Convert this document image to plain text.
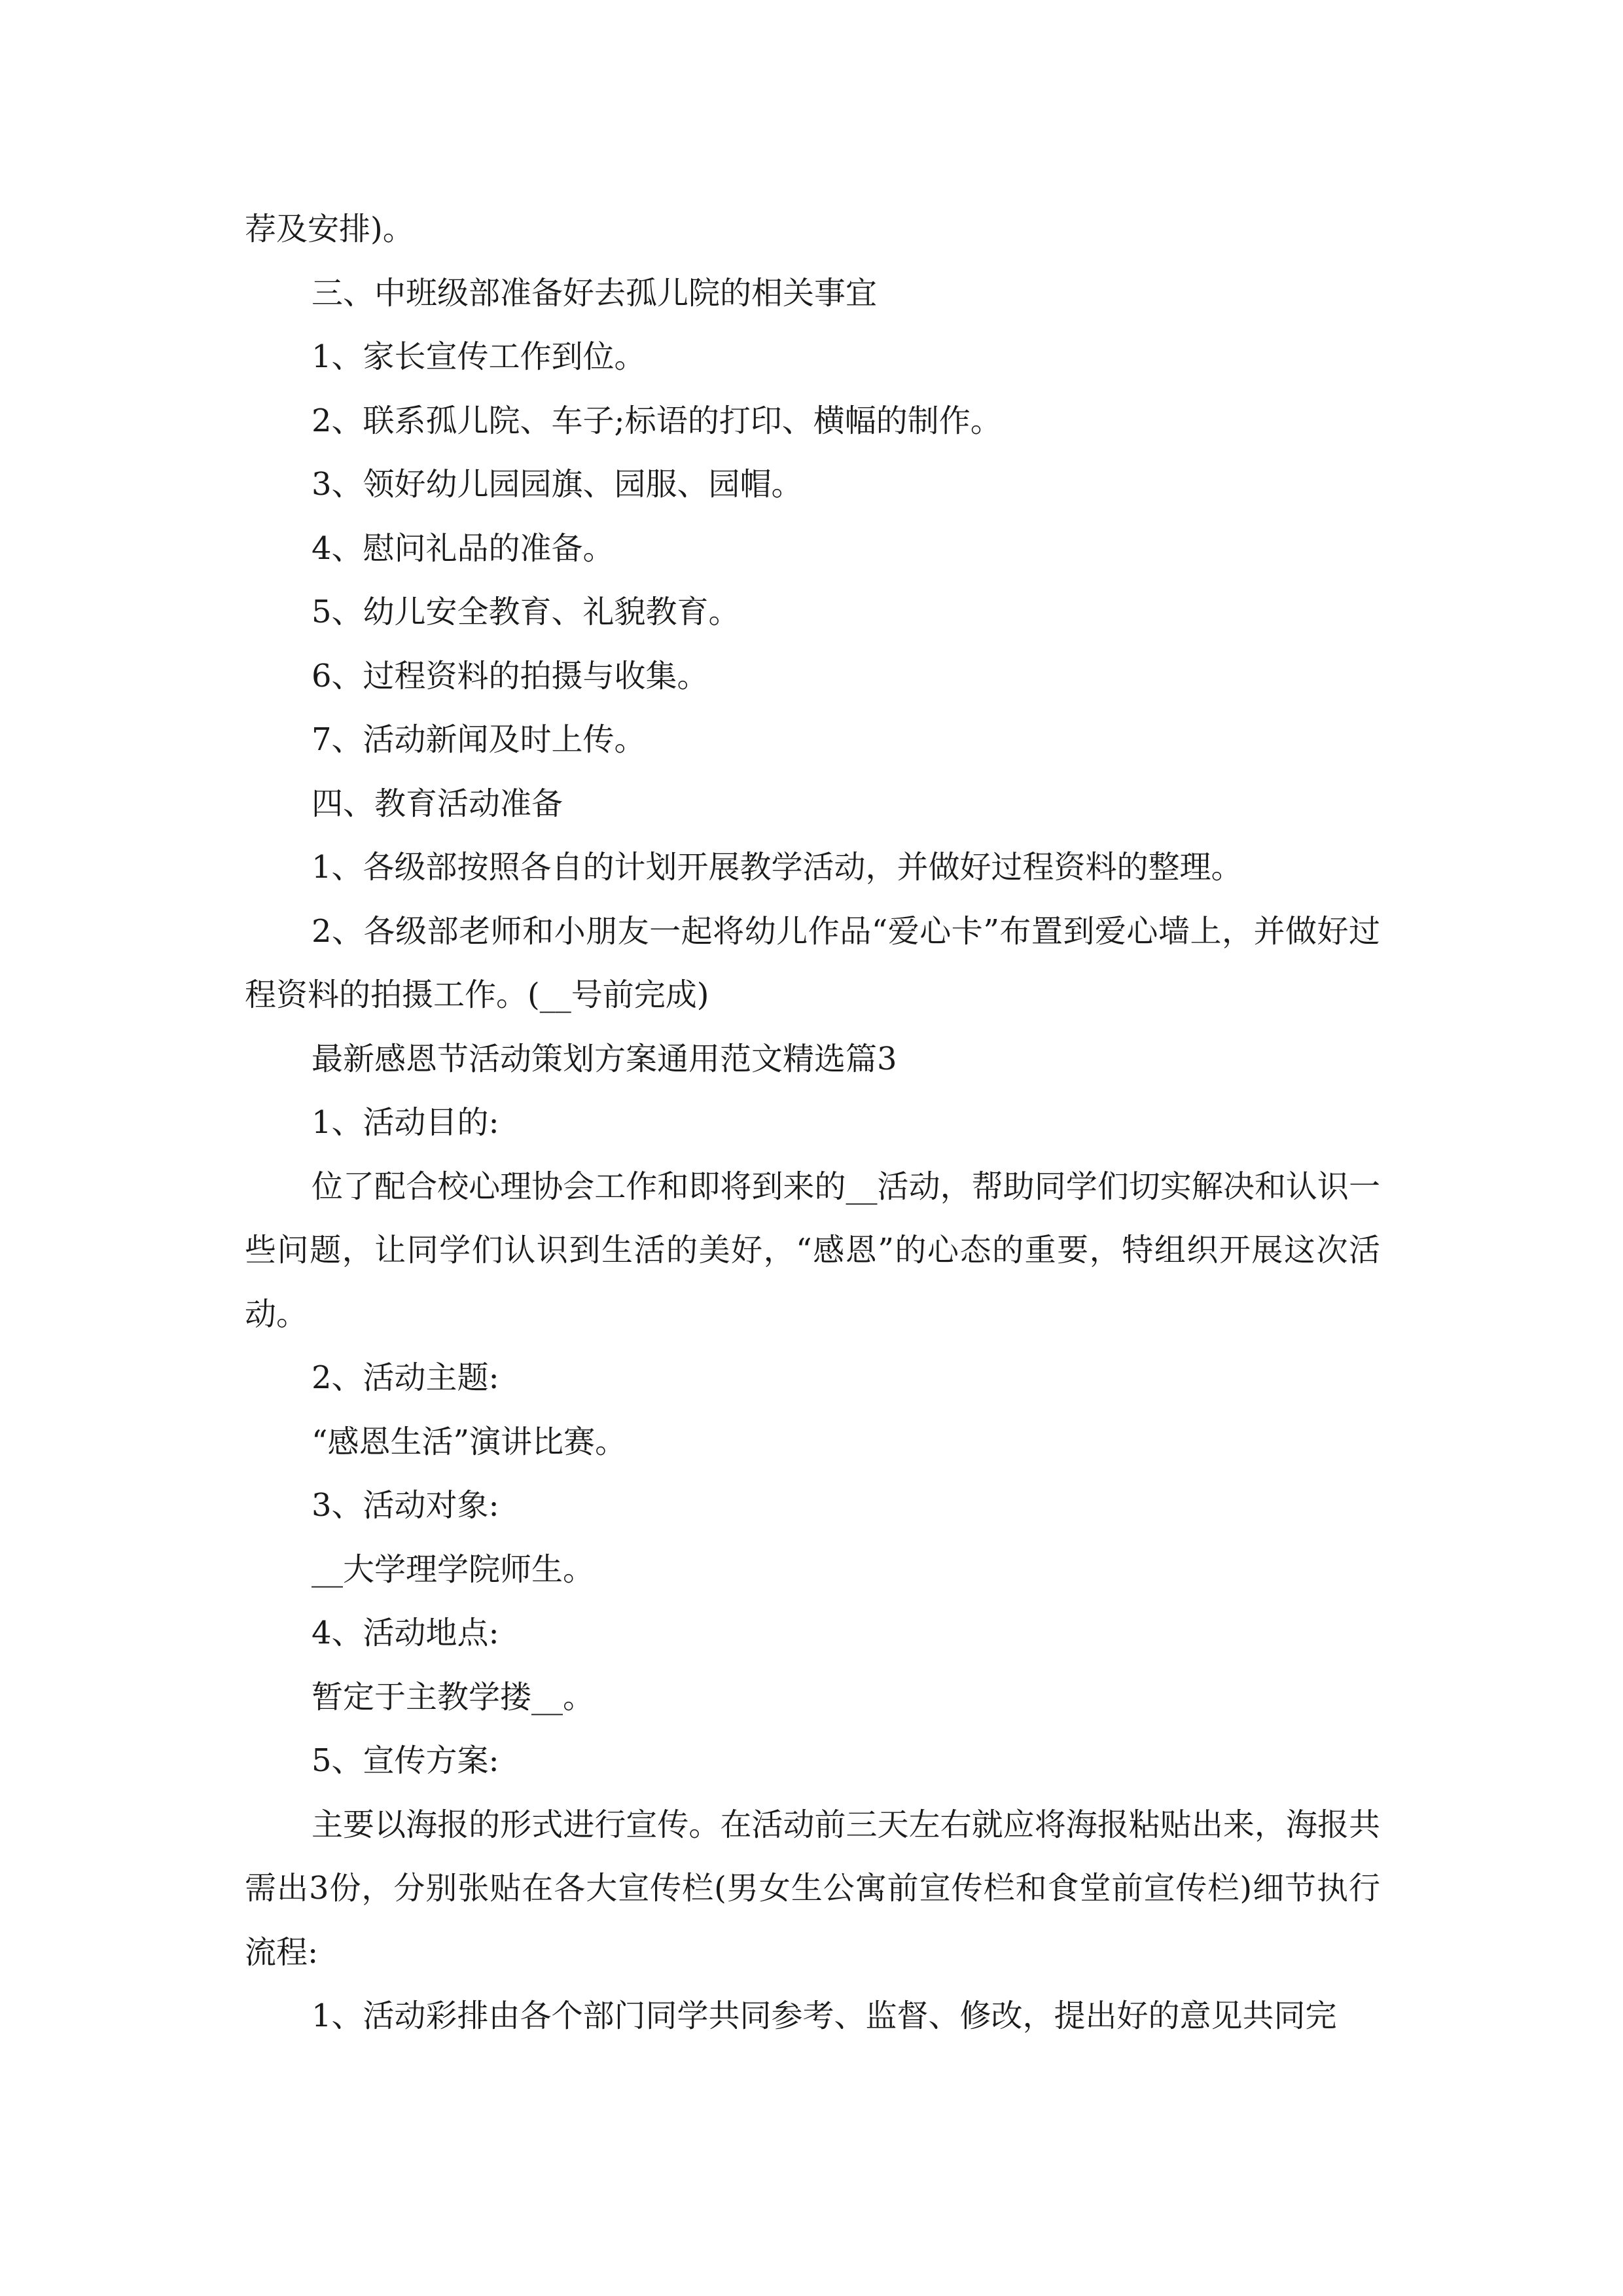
荐及安排)。

三、中班级部准备好去孤儿院的相关事宜

1、家长宣传工作到位。

2、联系孤儿院、车子;标语的打印、横幅的制作。

3、领好幼儿园园旗、园服、园帽。

4、慰问礼品的准备。

5、幼儿安全教育、礼貌教育。

6、过程资料的拍摄与收集。

7、活动新闻及时上传。

四、教育活动准备

1、各级部按照各自的计划开展教学活动，并做好过程资料的整理。

2、各级部老师和小朋友一起将幼儿作品“爱心卡”布置到爱心墙上，并做好过程资料的拍摄工作。(__号前完成)

最新感恩节活动策划方案通用范文精选篇3

1、活动目的:

位了配合校心理协会工作和即将到来的__活动，帮助同学们切实解决和认识一些问题，让同学们认识到生活的美好，“感恩”的心态的重要，特组织开展这次活动。

2、活动主题:

“感恩生活”演讲比赛。

3、活动对象:

__大学理学院师生。

4、活动地点:

暂定于主教学搂__。

5、宣传方案:

主要以海报的形式进行宣传。在活动前三天左右就应将海报粘贴出来，海报共需出3份，分别张贴在各大宣传栏(男女生公寓前宣传栏和食堂前宣传栏)细节执行流程:

1、活动彩排由各个部门同学共同参考、监督、修改，提出好的意见共同完
